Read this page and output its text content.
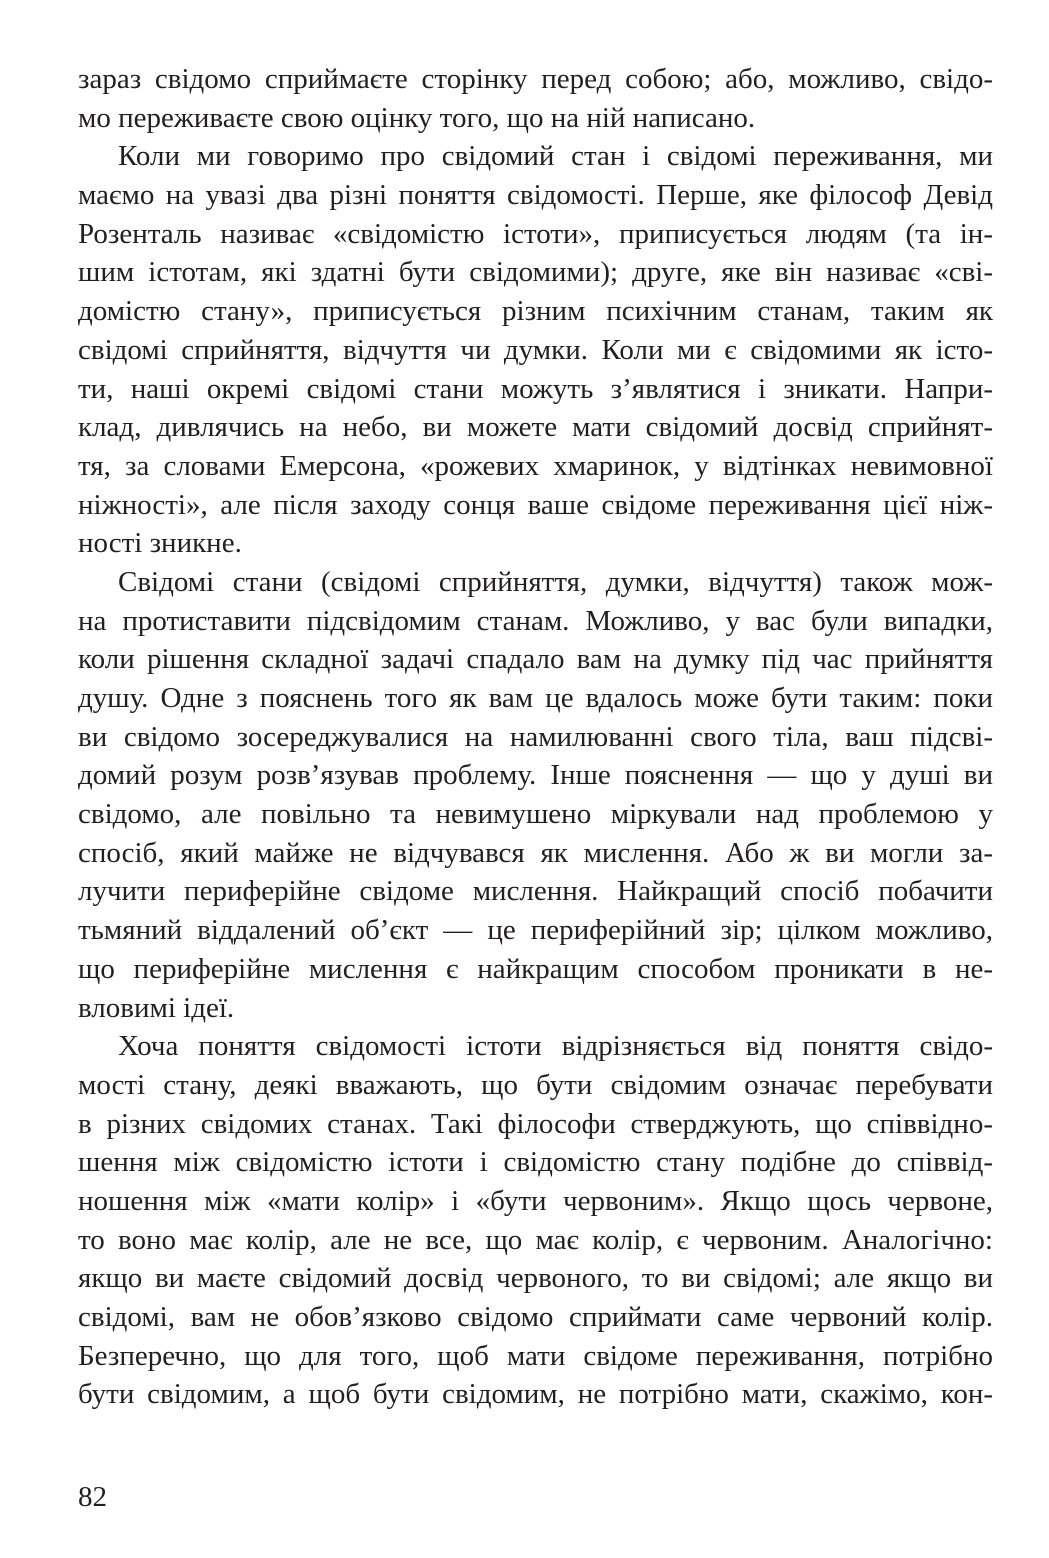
зараз свідомо сприймаєте сторінку перед собою; або, можливо, свідо-
мо переживаєте свою оцінку того, що на ній написано.
Коли ми говоримо про свідомий стан і свідомі переживання, ми
маємо на увазі два різні поняття свідомості. Перше, яке філософ Девід
Розенталь називає «свідомістю істоти», приписується людям (та ін-
шим істотам, які здатні бути свідомими); друге, яке він називає «сві-
домістю стану», приписується різним психічним станам, таким як
свідомі сприйняття, відчуття чи думки. Коли ми є свідомими як істо-
ти, наші окремі свідомі стани можуть з’являтися і зникати. Напри-
клад, дивлячись на небо, ви можете мати свідомий досвід сприйнят-
тя, за словами Емерсона, «рожевих хмаринок, у відтінках невимовної
ніжності», але після заходу сонця ваше свідоме переживання цієї ніж-
ності зникне.
Свідомі стани (свідомі сприйняття, думки, відчуття) також мож-
на протиставити підсвідомим станам. Можливо, у вас були випадки,
коли рішення складної задачі спадало вам на думку під час прийняття
душу. Одне з пояснень того як вам це вдалось може бути таким: поки
ви свідомо зосереджувалися на намилюванні свого тіла, ваш підсві-
домий розум розв’язував проблему. Інше пояснення — що у душі ви
свідомо, але повільно та невимушено міркували над проблемою у
спосіб, який майже не відчувався як мислення. Або ж ви могли за-
лучити периферійне свідоме мислення. Найкращий спосіб побачити
тьмяний віддалений об’єкт — це периферійний зір; цілком можливо,
що периферійне мислення є найкращим способом проникати в не-
вловимі ідеї.
Хоча поняття свідомості істоти відрізняється від поняття свідо-
мості стану, деякі вважають, що бути свідомим означає перебувати
в різних свідомих станах. Такі філософи стверджують, що співвідно-
шення між свідомістю істоти і свідомістю стану подібне до співвід-
ношення між «мати колір» і «бути червоним». Якщо щось червоне,
то воно має колір, але не все, що має колір, є червоним. Аналогічно:
якщо ви маєте свідомий досвід червоного, то ви свідомі; але якщо ви
свідомі, вам не обов’язково свідомо сприймати саме червоний колір.
Безперечно, що для того, щоб мати свідоме переживання, потрібно
бути свідомим, а щоб бути свідомим, не потрібно мати, скажімо, кон-
82
